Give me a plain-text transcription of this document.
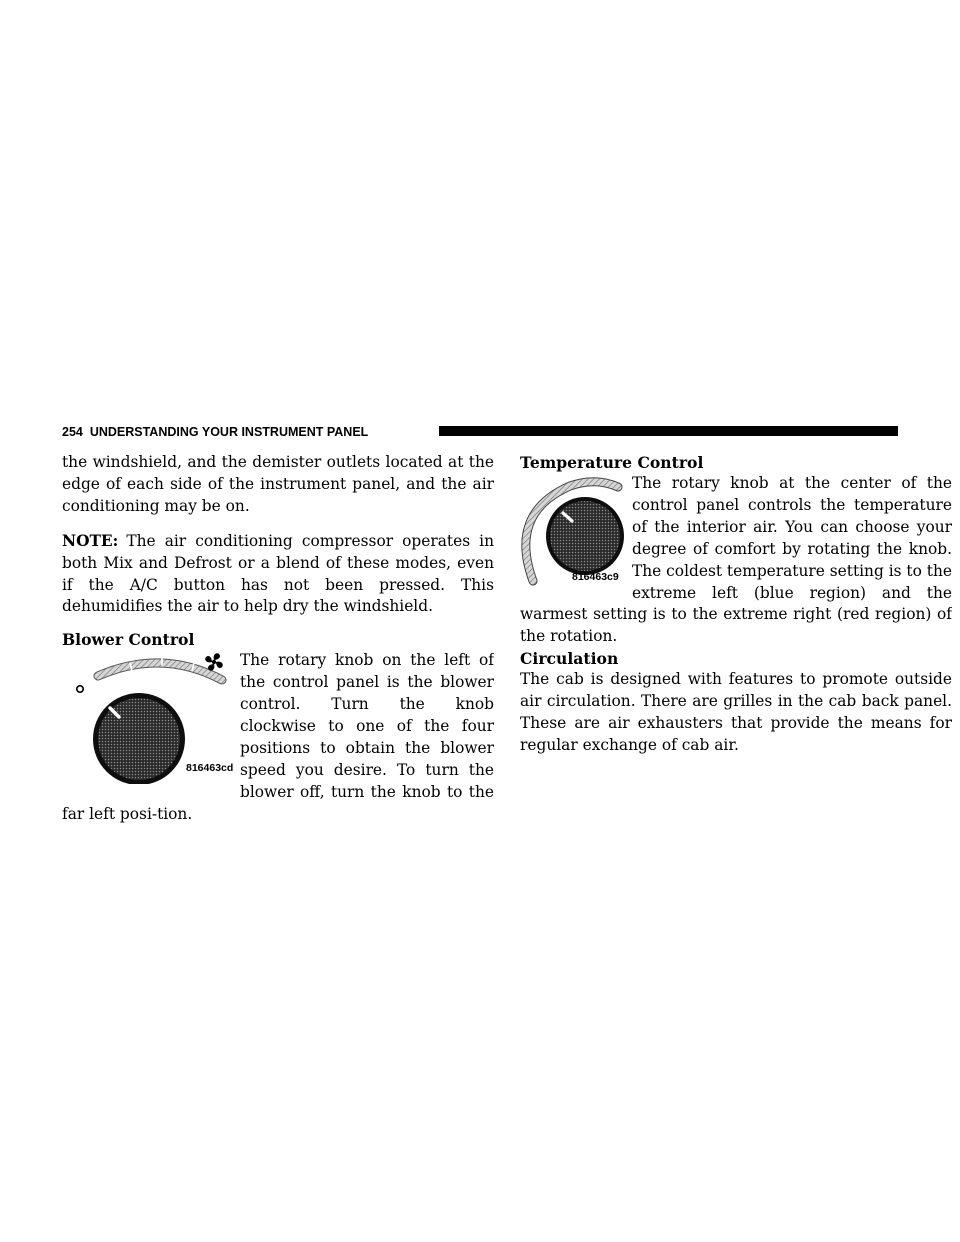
254 UNDERSTANDING YOUR INSTRUMENT PANEL

the windshield, and the demister outlets located at the edge of each side of the instrument panel, and the air conditioning may be on.

NOTE: The air conditioning compressor operates in both Mix and Defrost or a blend of these modes, even if the A/C button has not been pressed. This dehumidifies the air to help dry the windshield.

Blower Control
816463cd

The rotary knob on the left of the control panel is the blower control. Turn the knob clockwise to one of the four positions to obtain the blower speed you desire. To turn the blower off, turn the knob to the far left posi-tion.

Temperature Control
816463c9

The rotary knob at the center of the control panel controls the temperature of the interior air. You can choose your degree of comfort by rotating the knob. The coldest temperature setting is to the extreme left (blue region) and the warmest setting is to the extreme right (red region) of the rotation.

Circulation

The cab is designed with features to promote outside air circulation. There are grilles in the cab back panel. These are air exhausters that provide the means for regular exchange of cab air.
